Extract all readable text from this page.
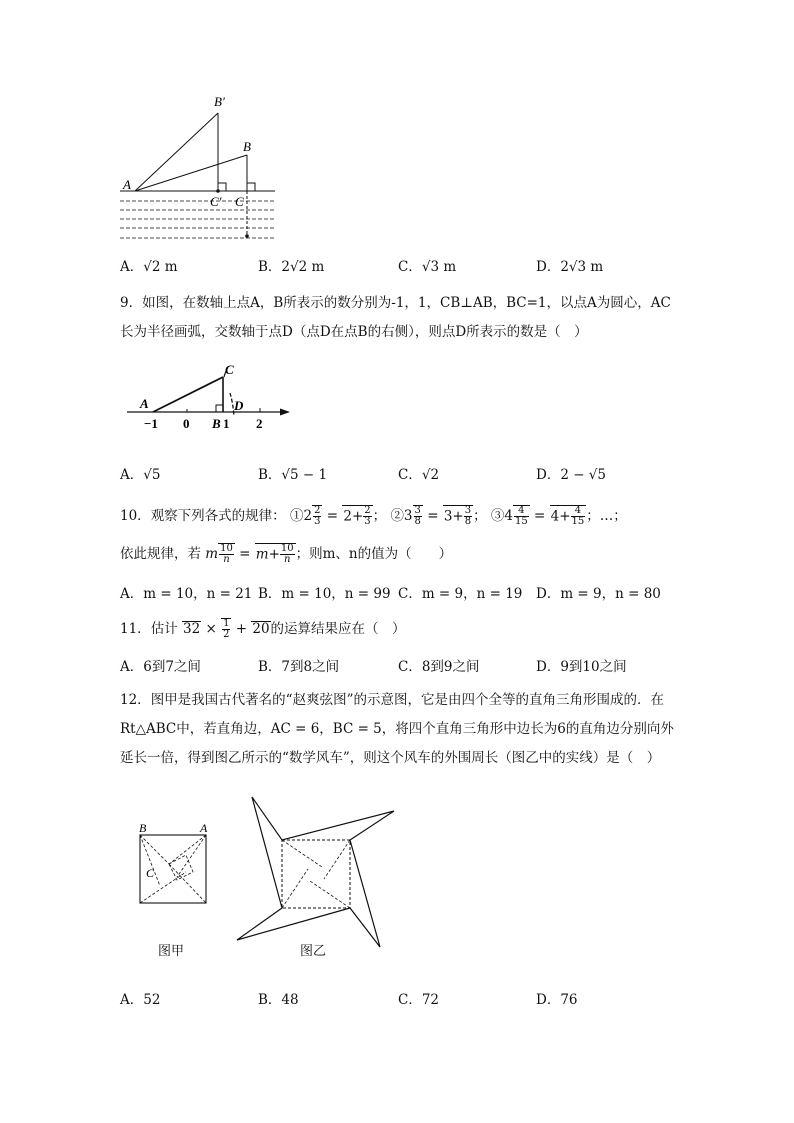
B′
B
A
C′ C
A．√2 m	B．2√2 m	C．√3 m	D．2√3 m
9．如图，在数轴上点A，B所表示的数分别为-1，1，CB⊥AB，BC=1，以点A为圆心，AC
长为半径画弧，交数轴于点D（点D在点B的右侧），则点D所表示的数是（　）
A
C
D
−1 0 B 1 2
A．√5	B．√5 − 1	C．√2	D．2 − √5
10．观察下列各式的规律： ①2 $\frac{2}{3} = 2+ \frac{2}{3}$ ； ②3 $\frac{3}{8} = 3+ \frac{3}{8}$ ； ③4 $\frac{4}{15} = 4+ \frac{4}{15}$ ；…；
依此规律，若 m $\frac{10}{n} = m+ \frac{10}{n}$ ；则m、n的值为（　　）
A．m = 10，n = 21 B．m = 10，n = 99 C．m = 9，n = 19 D．m = 9，n = 80
11．估计 $32 \times \frac{1}{2} + 20$的运算结果应在（　）
A．6到7之间	B．7到8之间	C．8到9之间	D．9到10之间
12．图甲是我国古代著名的“赵爽弦图”的示意图，它是由四个全等的直角三角形围成的．在
Rt△ABC中，若直角边，AC = 6，BC = 5，将四个直角三角形中边长为6的直角边分别向外
延长一倍，得到图乙所示的“数学风车”，则这个风车的外围周长（图乙中的实线）是（　）
B	A
C
图甲	图乙
A．52	B．48	C．72	D．76
